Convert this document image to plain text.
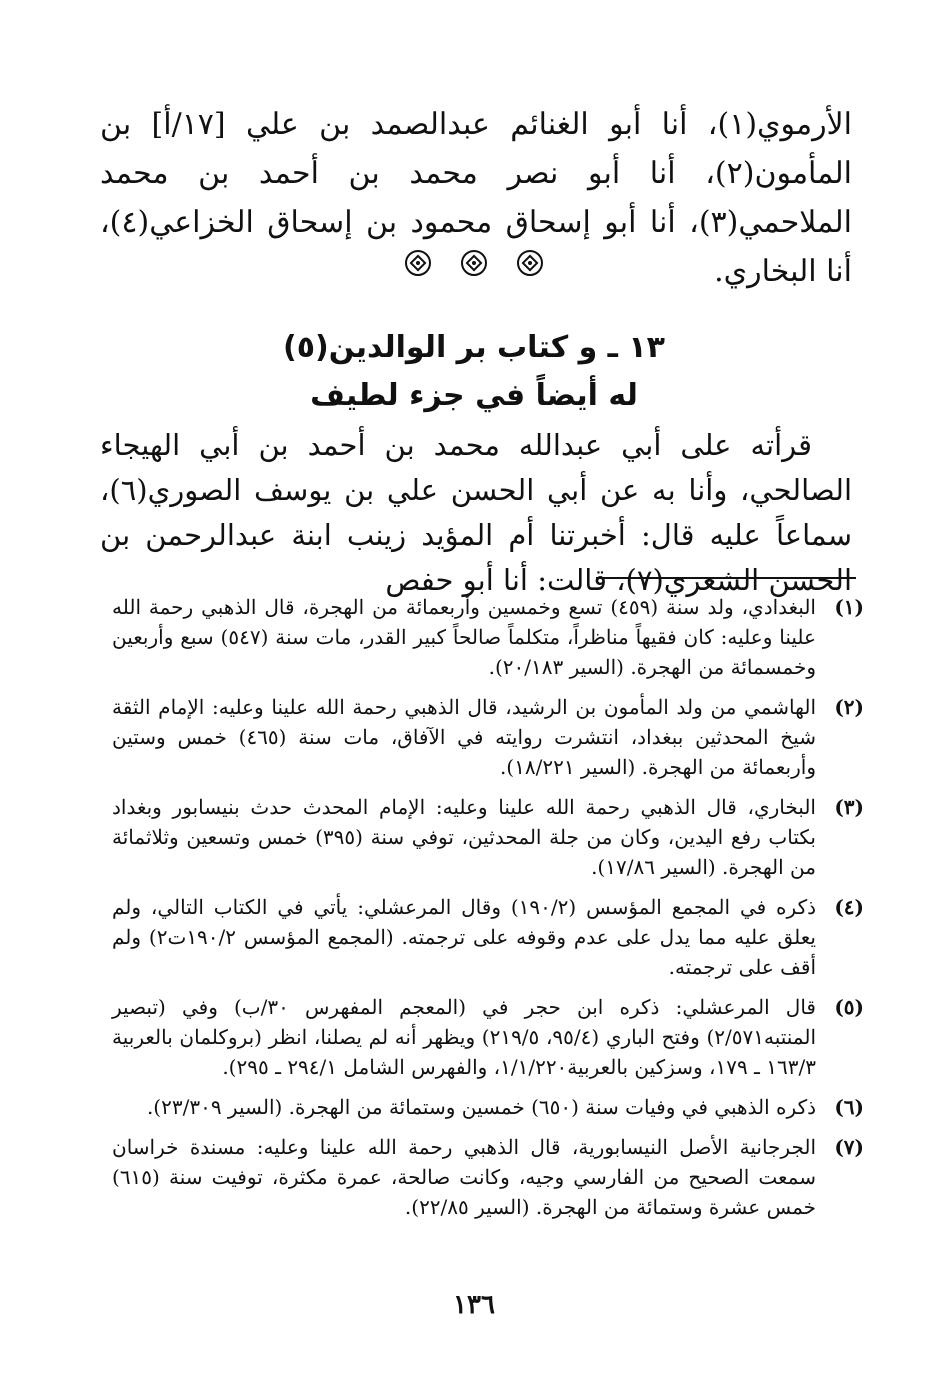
الأرموي(١)، أنا أبو الغنائم عبدالصمد بن علي [١٧/أ] بن المأمون(٢)، أنا أبو نصر محمد بن أحمد بن محمد الملاحمي(٣)، أنا أبو إسحاق محمود بن إسحاق الخزاعي(٤)، أنا البخاري.

١٣ ـ و كتاب بر الوالدين(٥)
له أيضاً في جزء لطيف

قرأته على أبي عبدالله محمد بن أحمد بن أبي الهيجاء الصالحي، وأنا به عن أبي الحسن علي بن يوسف الصوري(٦)، سماعاً عليه قال: أخبرتنا أم المؤيد زينب ابنة عبدالرحمن بن الحسن الشعري(٧)، قالت: أنا أبو حفص

(١)
البغدادي، ولد سنة (٤٥٩) تسع وخمسين وأربعمائة من الهجرة، قال الذهبي رحمة الله علينا وعليه: كان فقيهاً مناظراً، متكلماً صالحاً كبير القدر، مات سنة (٥٤٧) سبع وأربعين وخمسمائة من الهجرة. (السير ٢٠/١٨٣).
(٢)
الهاشمي من ولد المأمون بن الرشيد، قال الذهبي رحمة الله علينا وعليه: الإمام الثقة شيخ المحدثين ببغداد، انتشرت روايته في الآفاق، مات سنة (٤٦٥) خمس وستين وأربعمائة من الهجرة. (السير ١٨/٢٢١).
(٣)
البخاري، قال الذهبي رحمة الله علينا وعليه: الإمام المحدث حدث بنيسابور وبغداد بكتاب رفع اليدين، وكان من جلة المحدثين، توفي سنة (٣٩٥) خمس وتسعين وثلاثمائة من الهجرة. (السير ١٧/٨٦).
(٤)
ذكره في المجمع المؤسس (١٩٠/٢) وقال المرعشلي: يأتي في الكتاب التالي، ولم يعلق عليه مما يدل على عدم وقوفه على ترجمته. (المجمع المؤسس ١٩٠/٢ت٢) ولم أقف على ترجمته.
(٥)
قال المرعشلي: ذكره ابن حجر في (المعجم المفهرس ٣٠/ب) وفي (تبصير المنتبه٢/٥٧١) وفتح الباري (٩٥/٤، ٢١٩/٥) ويظهر أنه لم يصلنا، انظر (بروكلمان بالعربية ١٦٣/٣ ـ ١٧٩، وسزكين بالعربية١/١/٢٢٠، والفهرس الشامل ٢٩٤/١ ـ ٢٩٥).
(٦)
ذكره الذهبي في وفيات سنة (٦٥٠) خمسين وستمائة من الهجرة. (السير ٢٣/٣٠٩).
(٧)
الجرجانية الأصل النيسابورية، قال الذهبي رحمة الله علينا وعليه: مسندة خراسان سمعت الصحيح من الفارسي وجيه، وكانت صالحة، عمرة مكثرة، توفيت سنة (٦١٥) خمس عشرة وستمائة من الهجرة. (السير ٢٢/٨٥).
١٣٦
